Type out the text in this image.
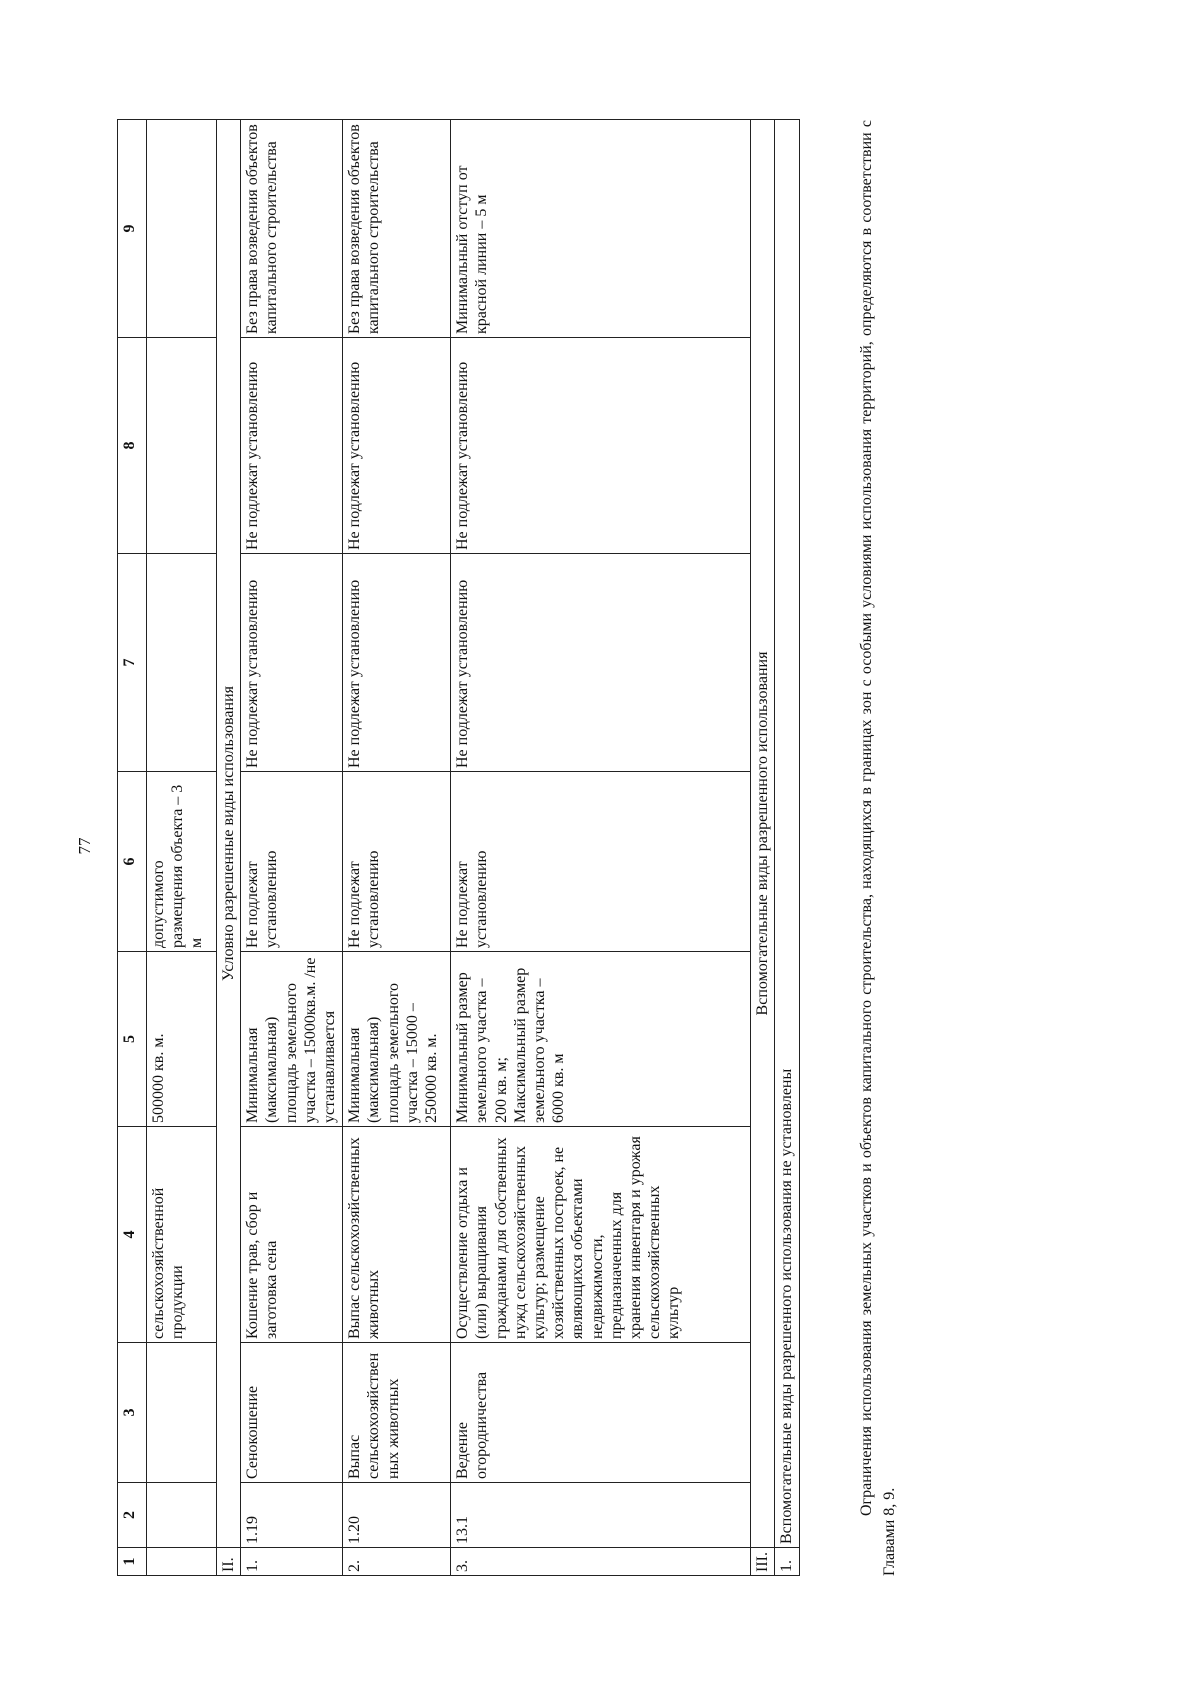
77
1	2	3	4	5	6	7	8	9
			сельскохозяйственной продукции	500000 кв. м.	допустимого размещения объекта – 3 м			
II.	Условно разрешенные виды использования							
1.	1.19	Сенокошение	Кошение трав, сбор и заготовка сена	Минимальная (максимальная) площадь земельного участка – 15000кв.м. /не устанавливается	Не подлежат установлению	Не подлежат установлению	Не подлежат установлению	Без права возведения объектов капитального строительства
2.	1.20	Выпас сельскохозяйственных животных	Выпас сельскохозяйственных животных	Минимальная (максимальная) площадь земельного участка – 15000 – 250000 кв. м.	Не подлежат установлению	Не подлежат установлению	Не подлежат установлению	Без права возведения объектов капитального строительства
3.	13.1	Ведение огородничества	Осуществление отдыха и (или) выращивания гражданами для собственных нужд сельскохозяйственных культур; размещение хозяйственных построек, не являющихся объектами недвижимости, предназначенных для хранения инвентаря и урожая сельскохозяйственных культур	Минимальный размер земельного участка – 200 кв. м; Максимальный размер земельного участка – 6000 кв. м	Не подлежат установлению	Не подлежат установлению	Не подлежат установлению	Минимальный отступ от красной линии – 5 м
III.	Вспомогательные виды разрешенного использования							
1.	Вспомогательные виды разрешенного использования не установлены								Ограничения использования земельных участков и объектов капитального строительства, находящихся в границах зон с особыми условиями использования территорий, определяются в соответствии с Главами 8, 9.
